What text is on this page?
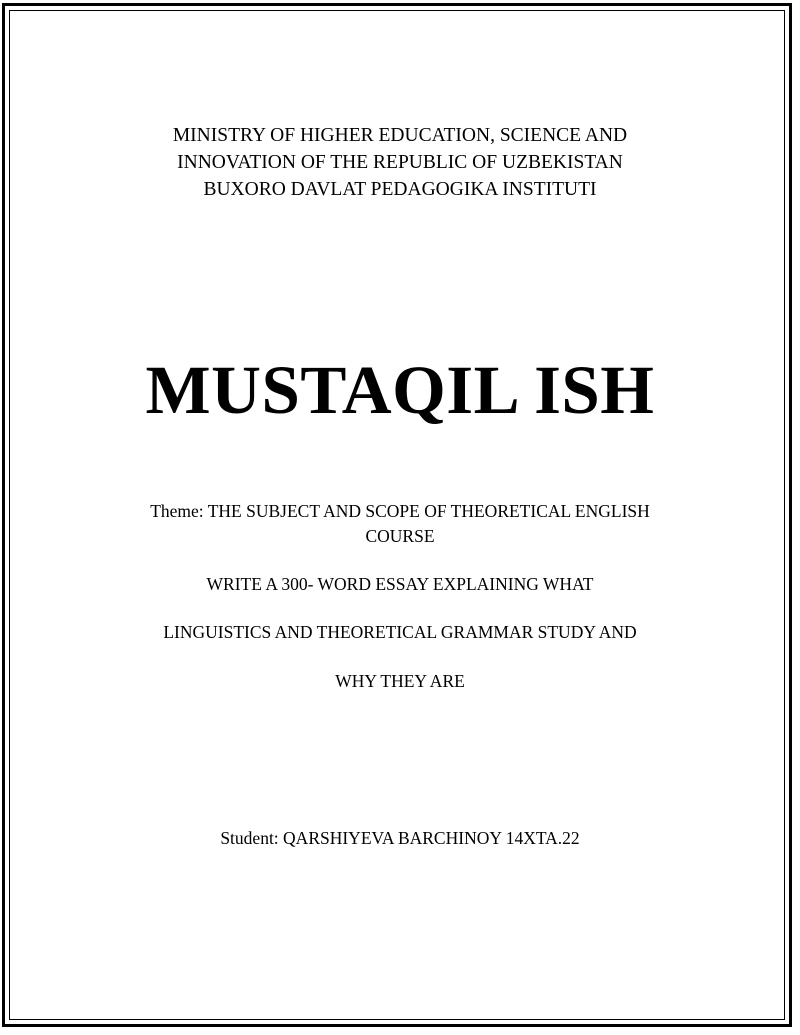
MINISTRY OF HIGHER EDUCATION, SCIENCE AND
INNOVATION OF THE REPUBLIC OF UZBEKISTAN
BUXORO DAVLAT PEDAGOGIKA INSTITUTI
MUSTAQIL ISH
Theme: THE SUBJECT AND SCOPE OF THEORETICAL ENGLISH COURSE
WRITE A 300- WORD ESSAY EXPLAINING WHAT
LINGUISTICS AND THEORETICAL GRAMMAR STUDY AND
WHY THEY ARE
Student: QARSHIYEVA BARCHINOY 14XTA.22
